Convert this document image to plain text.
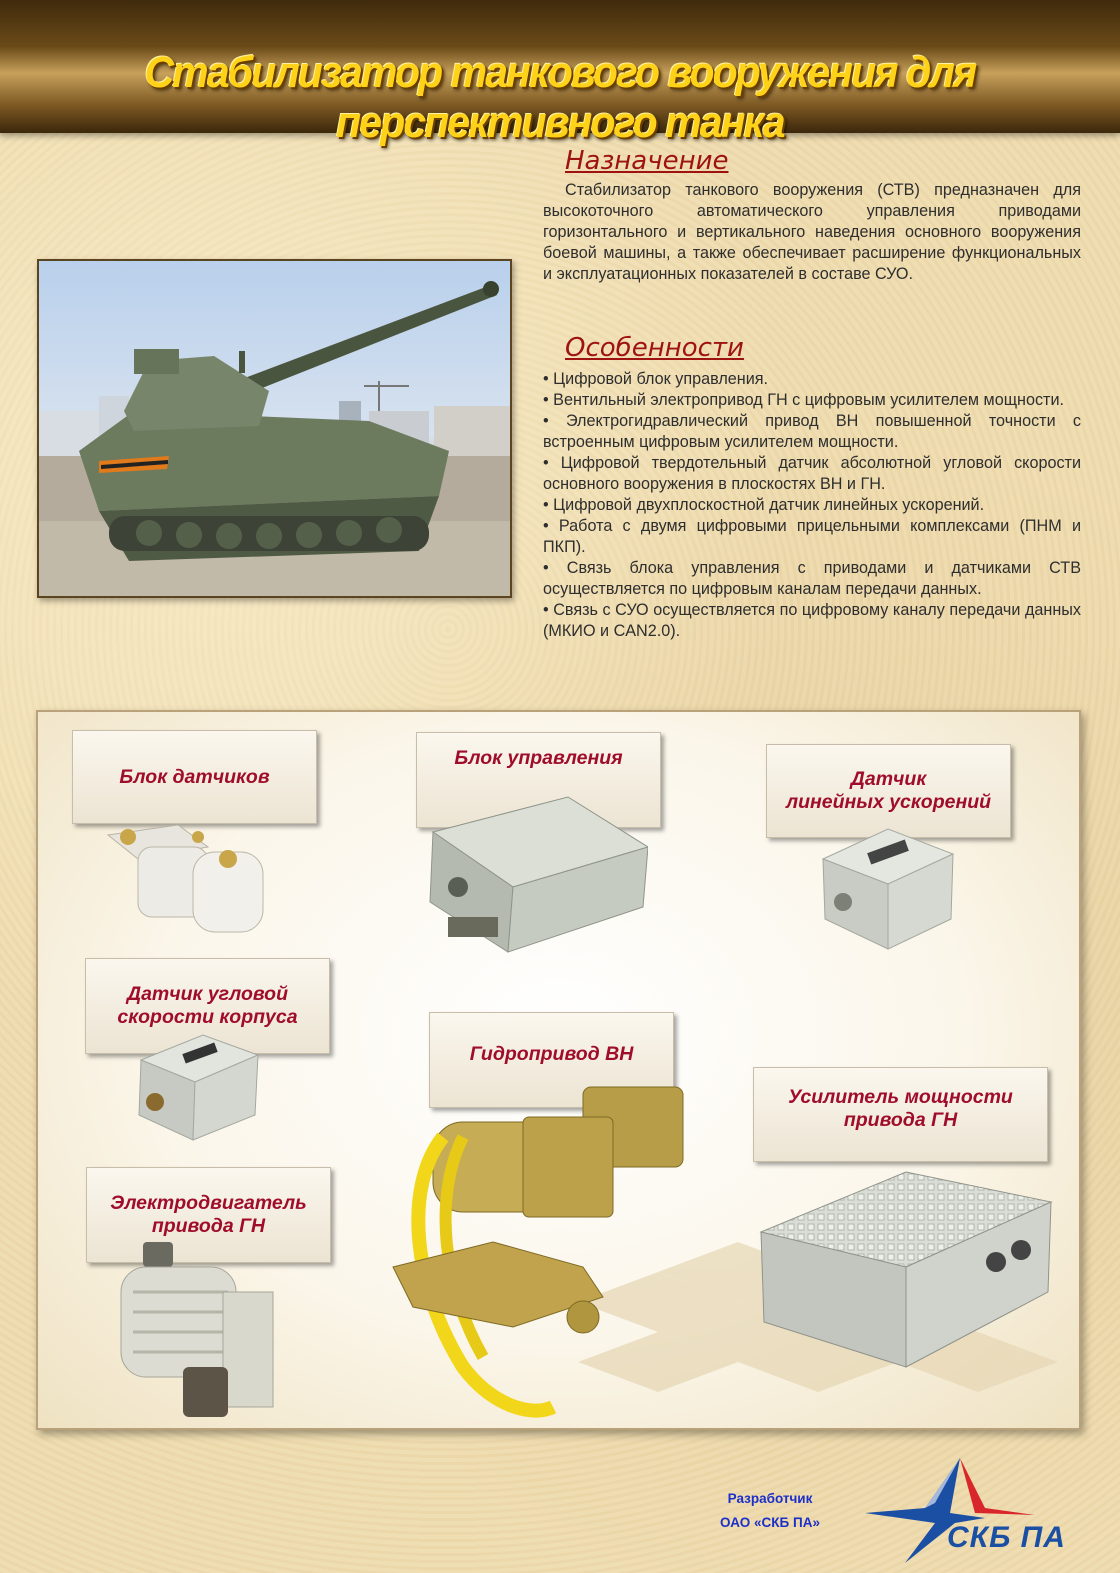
Стабилизатор танкового вооружения для перспективного танка
Назначение

Стабилизатор танкового вооружения (СТВ) предназначен для высокоточного автоматического управления приводами горизонтального и вертикального наведения основного вооружения боевой машины, а также обеспечивает расширение функциональных и эксплуатационных показателей в составе СУО.

Особенности
• Цифровой блок управления.
• Вентильный электропривод ГН с цифровым усилителем мощности.
• Электрогидравлический привод ВН повышенной точности с встроенным цифровым усилителем мощности.
• Цифровой твердотельный датчик абсолютной угловой скорости основного вооружения в плоскостях ВН и ГН.
• Цифровой двухплоскостной датчик линейных ускорений.
• Работа с двумя цифровыми прицельными комплексами (ПНМ и ПКП).
• Связь блока управления с приводами и датчиками СТВ осуществляется по цифровым каналам передачи данных.
• Связь с СУО осуществляется по цифровому каналу передачи данных (МКИО и CAN2.0).
Блок датчиков
Блок управления
Датчик
линейных ускорений
Датчик угловой
скорости корпуса
Электродвигатель
привода ГН
Гидропривод ВН
Усилитель мощности
привода ГН
Разработчик
ОАО «СКБ ПА»	СКБ ПА
